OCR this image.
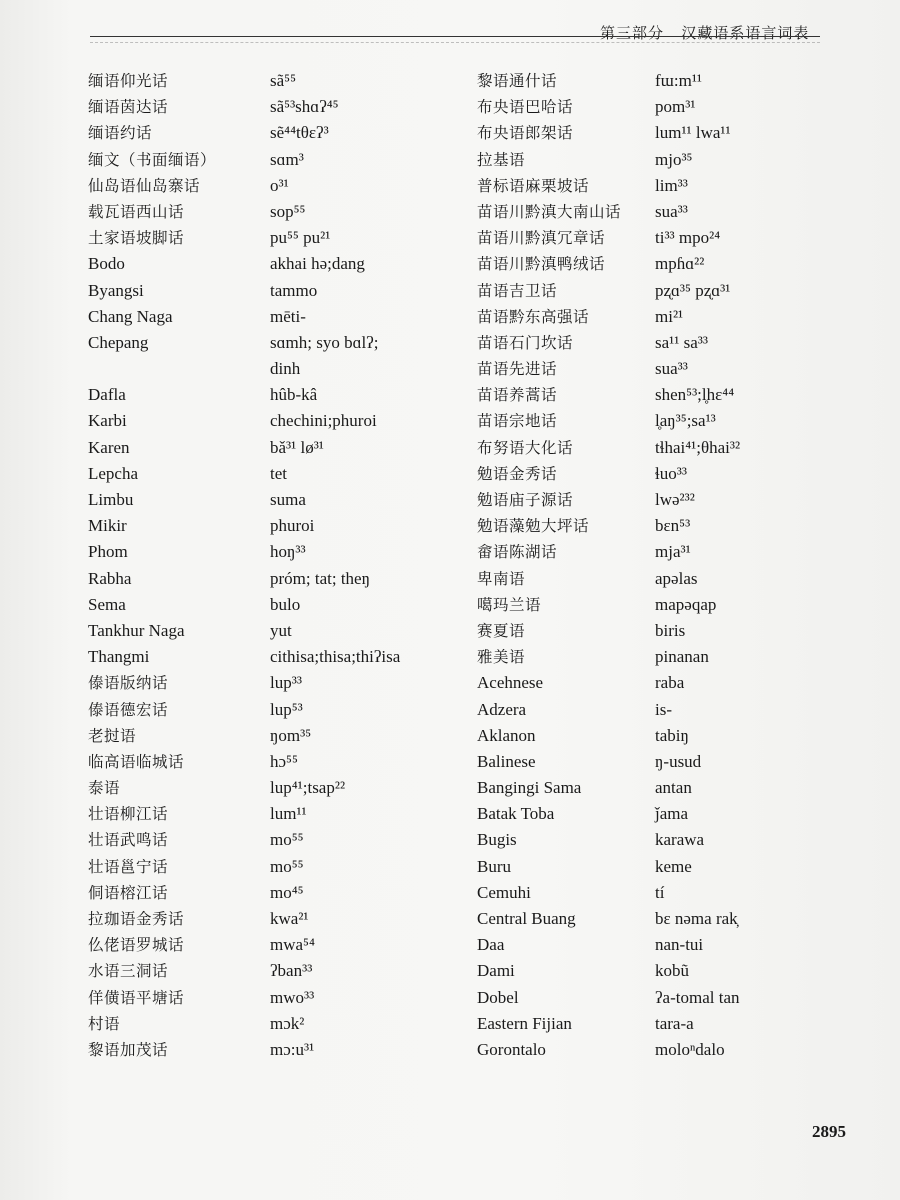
第三部分 汉藏语系语言词表
缅语仰光话
缅语茵达话
缅语约话
缅文（书面缅语）
仙岛语仙岛寨话
载瓦语西山话
土家语坡脚话
Bodo
Byangsi
Chang Naga
Chepang
Dafla
Karbi
Karen
Lepcha
Limbu
Mikir
Phom
Rabha
Sema
Tankhur Naga
Thangmi
傣语版纳话
傣语德宏话
老挝语
临高语临城话
泰语
壮语柳江话
壮语武鸣话
壮语邕宁话
侗语榕江话
拉珈语金秀话
仫佬语罗城话
水语三洞话
佯僙语平塘话
村语
黎语加茂话
sã⁵⁵
sã⁵³shɑʔ⁴⁵
sẽ⁴⁴tθɛʔ³
sɑm³
o³¹
sop⁵⁵
pu⁵⁵ pu²¹
akhai hə;dang
tammo
mēti-
sɑmh; syo bɑlʔ;
dinh
hûb-kâ
chechini;phuroi
bǎ³¹ lø³¹
tet
suma
phuroi
hoŋ³³
próm; tat; theŋ
bulo
yut
cithisa;thisa;thiʔisa
lup³³
lup⁵³
ŋom³⁵
hɔ⁵⁵
lup⁴¹;tsap²²
lum¹¹
mo⁵⁵
mo⁵⁵
mo⁴⁵
kwa²¹
mwa⁵⁴
ʔban³³
mwo³³
mɔk²
mɔ:u³¹
黎语通什话
布央语巴哈话
布央语郎架话
拉基语
普标语麻栗坡话
苗语川黔滇大南山话
苗语川黔滇冗章话
苗语川黔滇鸭绒话
苗语吉卫话
苗语黔东高强话
苗语石门坎话
苗语先进话
苗语养蒿话
苗语宗地话
布努语大化话
勉语金秀话
勉语庙子源话
勉语藻勉大坪话
畲语陈湖话
卑南语
噶玛兰语
赛夏语
雅美语
Acehnese
Adzera
Aklanon
Balinese
Bangingi Sama
Batak Toba
Bugis
Buru
Cemuhi
Central Buang
Daa
Dami
Dobel
Eastern Fijian
Gorontalo
fɯ:m¹¹
pom³¹
lum¹¹ lwa¹¹
mjo³⁵
lim³³
sua³³
ti³³ mpo²⁴
mpɦɑ²²
pʐɑ³⁵ pʐɑ³¹
mi²¹
sa¹¹ sa³³
sua³³
shen⁵³;l̥hɛ⁴⁴
l̥aŋ³⁵;sa¹³
tɬhai⁴¹;θhai³²
ɬuo³³
lwə²³²
bɛn⁵³
mja³¹
apəlas
mapəqap
biris
pinanan
raba
is-
tabiŋ
ŋ-usud
antan
ǰama
karawa
keme
tí
bɛ nəma rak̦
nan-tui
kobũ
ʔa-tomal tan
tara-a
moloⁿdalo
2895
